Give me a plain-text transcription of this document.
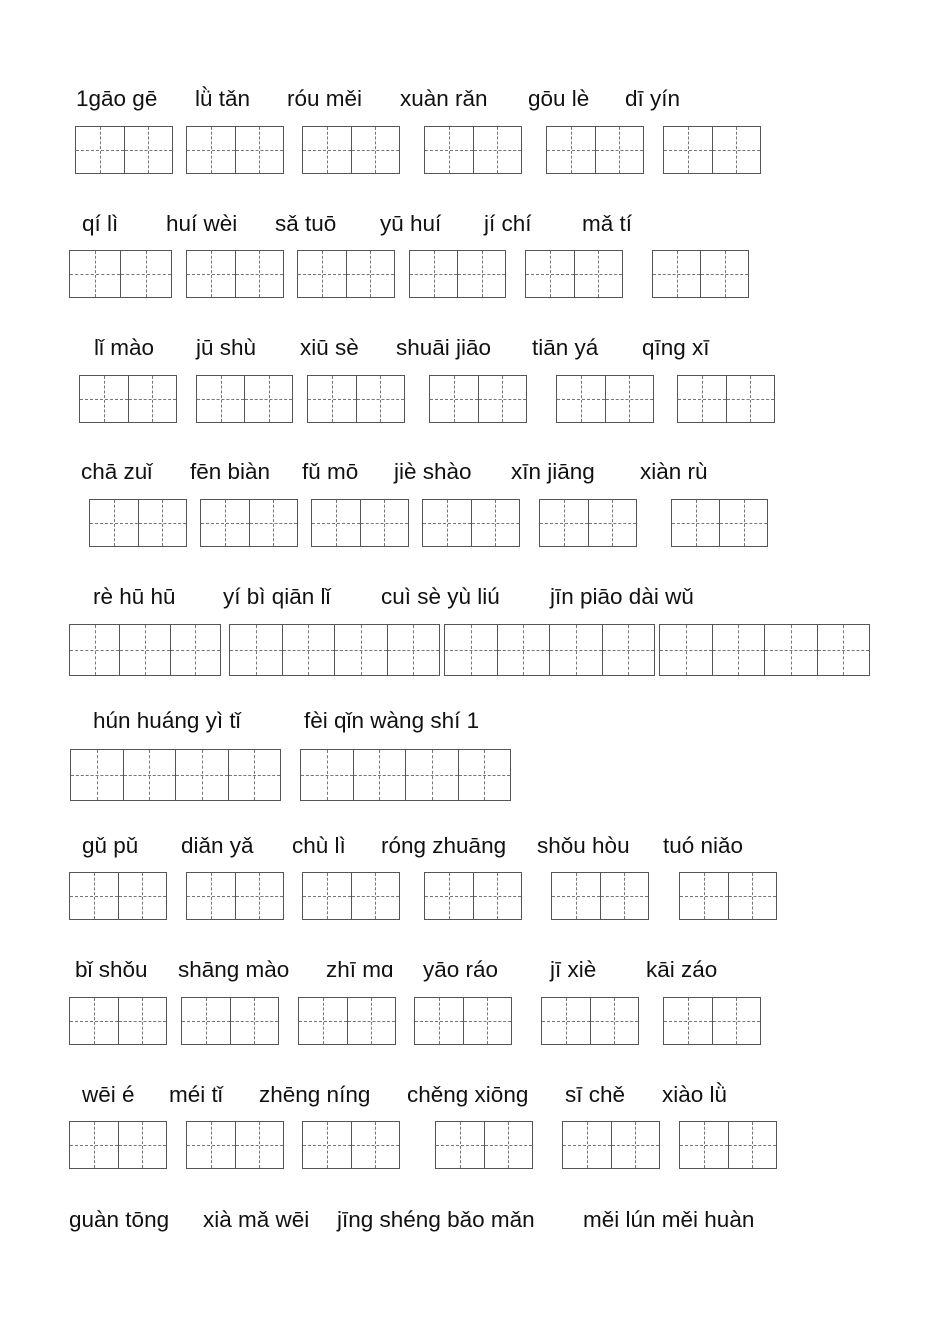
1gāo gē lǜ tǎn róu měi xuàn rǎn gōu lè dī yín
qí lì huí wèi sǎ tuō yū huí jí chí mǎ tí
lǐ mào jū shù xiū sè shuāi jiāo tiān yá qīng xī
chā zuǐ fēn biàn fǔ mō jiè shào xīn jiāng xiàn rù
rè hū hū yí bì qiān lǐ cuì sè yù liú jīn piāo dài wǔ
hún huáng yì tǐ	fèi qǐn wàng shí 1
gǔ pǔ diǎn yǎ chù lì róng zhuāng shǒu hòu tuó niǎo
bǐ shǒu shāng mào zhī mɑ yāo ráo jī xiè kāi záo
wēi é méi tǐ zhēng níng chěng xiōng sī chě xiào lǜ
guàn tōng xià mǎ wēi jīng shéng bǎo mǎn měi lún měi huàn
